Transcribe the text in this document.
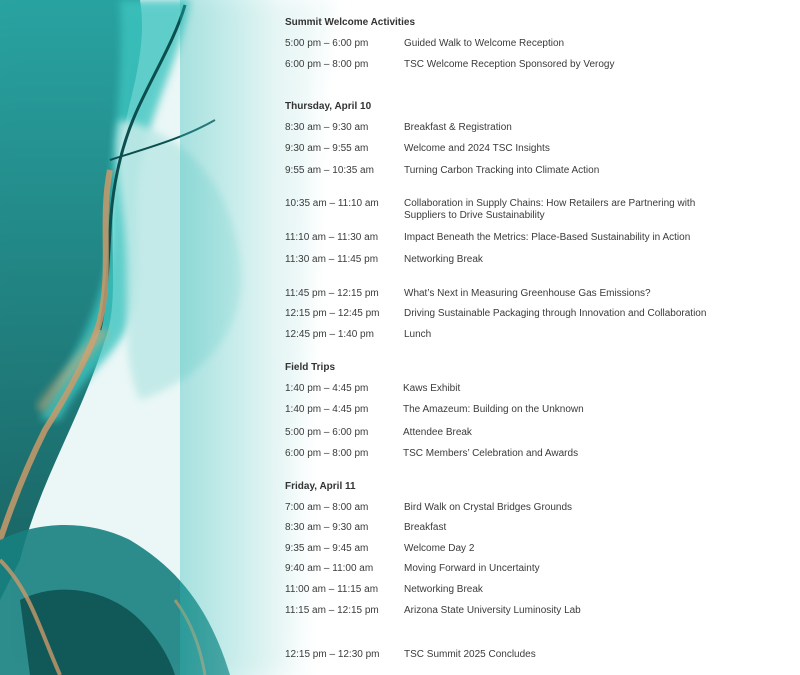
Summit Welcome Activities
5:00 pm – 6:00 pm	Guided Walk to Welcome Reception
6:00 pm – 8:00 pm	TSC Welcome Reception Sponsored by Verogy
Thursday, April 10
8:30 am – 9:30 am	Breakfast & Registration
9:30 am – 9:55 am	Welcome and 2024 TSC Insights
9:55 am – 10:35 am	Turning Carbon Tracking into Climate Action
10:35 am – 11:10 am	Collaboration in Supply Chains: How Retailers are Partnering with Suppliers to Drive Sustainability
11:10 am – 11:30 am	Impact Beneath the Metrics: Place-Based Sustainability in Action
11:30 am – 11:45 pm	Networking Break
11:45 pm – 12:15 pm	What’s Next in Measuring Greenhouse Gas Emissions?
12:15 pm – 12:45 pm Driving Sustainable Packaging through Innovation and Collaboration
12:45 pm – 1:40 pm	Lunch
Field Trips
1:40 pm – 4:45 pm	Kaws Exhibit
1:40 pm – 4:45 pm	The Amazeum: Building on the Unknown
5:00 pm – 6:00 pm	Attendee Break
6:00 pm – 8:00 pm	TSC Members’ Celebration and Awards
Friday, April 11
7:00 am – 8:00 am	Bird Walk on Crystal Bridges Grounds
8:30 am – 9:30 am	Breakfast
9:35 am – 9:45 am	Welcome Day 2
9:40 am – 11:00 am	Moving Forward in Uncertainty
11:00 am – 11:15 am	Networking Break
11:15 am – 12:15 pm	Arizona State University Luminosity Lab
12:15 pm – 12:30 pm TSC Summit 2025 Concludes
